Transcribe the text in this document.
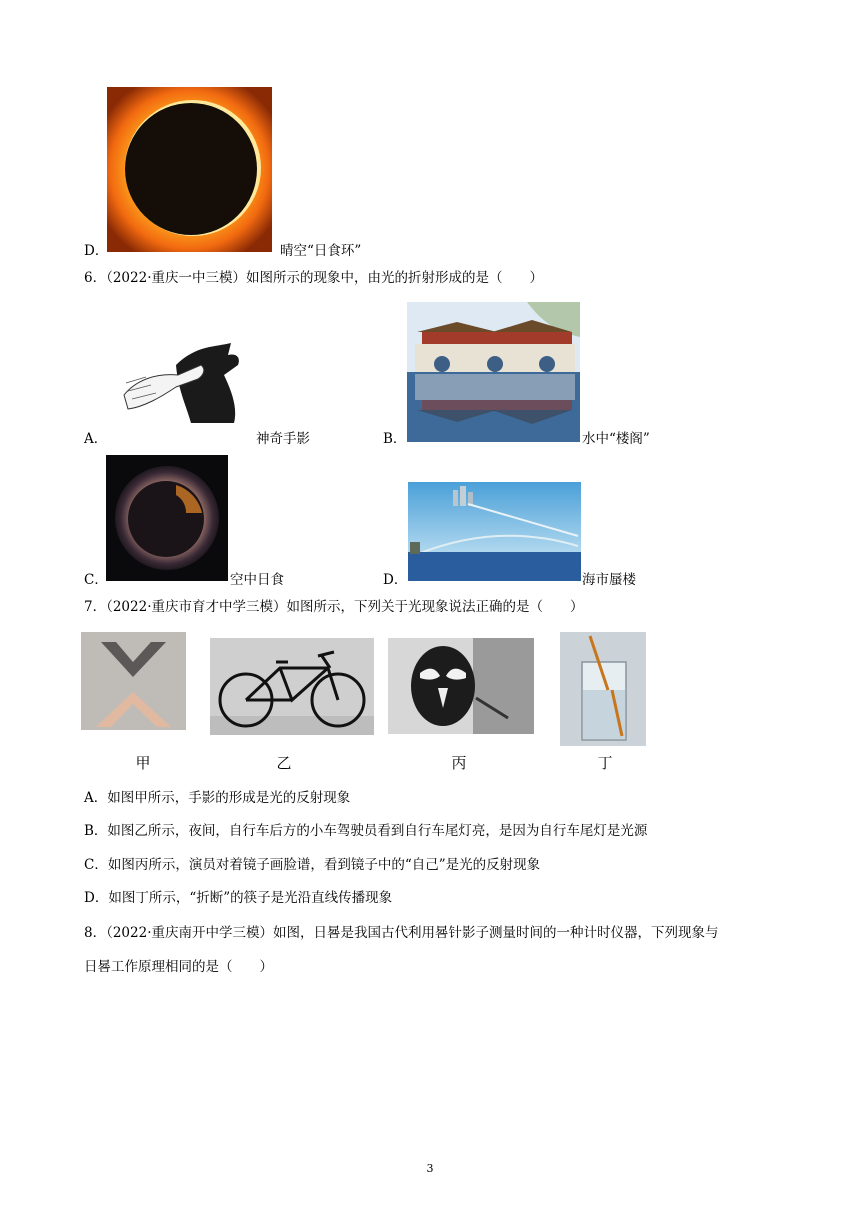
D．	晴空“日食环”
6．（2022·重庆一中三模）如图所示的现象中，由光的折射形成的是（　　）
A．	神奇手影	B．	水中“楼阁”
C．	空中日食	D．	海市蜃楼
7．（2022·重庆市育才中学三模）如图所示，下列关于光现象说法正确的是（　　）
甲	乙	丙	丁
A．如图甲所示，手影的形成是光的反射现象
B．如图乙所示，夜间，自行车后方的小车驾驶员看到自行车尾灯亮，是因为自行车尾灯是光源
C．如图丙所示，演员对着镜子画脸谱，看到镜子中的“自己”是光的反射现象
D．如图丁所示，“折断”的筷子是光沿直线传播现象
8．（2022·重庆南开中学三模）如图，日晷是我国古代利用晷针影子测量时间的一种计时仪器，下列现象与
日晷工作原理相同的是（　　）
3
